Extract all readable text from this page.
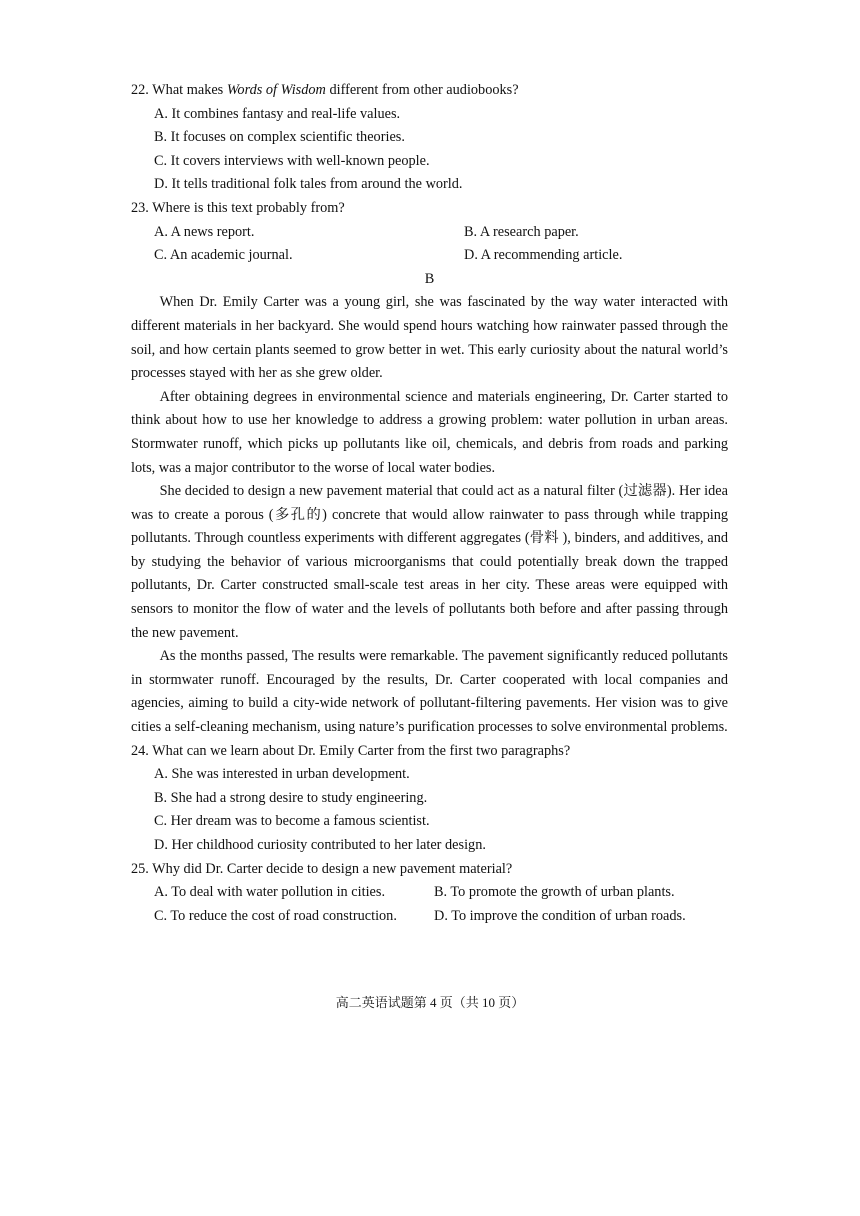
22. What makes Words of Wisdom different from other audiobooks?
A. It combines fantasy and real-life values.
B. It focuses on complex scientific theories.
C. It covers interviews with well-known people.
D. It tells traditional folk tales from around the world.
23. Where is this text probably from?
A. A news report.	B. A research paper.
C. An academic journal.	D. A recommending article.
B
When Dr. Emily Carter was a young girl, she was fascinated by the way water interacted with different materials in her backyard. She would spend hours watching how rainwater passed through the soil, and how certain plants seemed to grow better in wet. This early curiosity about the natural world’s processes stayed with her as she grew older.
After obtaining degrees in environmental science and materials engineering, Dr. Carter started to think about how to use her knowledge to address a growing problem: water pollution in urban areas. Stormwater runoff, which picks up pollutants like oil, chemicals, and debris from roads and parking lots, was a major contributor to the worse of local water bodies.
She decided to design a new pavement material that could act as a natural filter (过滤器). Her idea was to create a porous (多孔的) concrete that would allow rainwater to pass through while trapping pollutants. Through countless experiments with different aggregates (骨料 ), binders, and additives, and by studying the behavior of various microorganisms that could potentially break down the trapped pollutants, Dr. Carter constructed small-scale test areas in her city. These areas were equipped with sensors to monitor the flow of water and the levels of pollutants both before and after passing through the new pavement.
As the months passed, The results were remarkable. The pavement significantly reduced pollutants in stormwater runoff. Encouraged by the results, Dr. Carter cooperated with local companies and agencies, aiming to build a city-wide network of pollutant-filtering pavements. Her vision was to give cities a self-cleaning mechanism, using nature’s purification processes to solve environmental problems.
24. What can we learn about Dr. Emily Carter from the first two paragraphs?
A. She was interested in urban development.
B. She had a strong desire to study engineering.
C. Her dream was to become a famous scientist.
D. Her childhood curiosity contributed to her later design.
25. Why did Dr. Carter decide to design a new pavement material?
A. To deal with water pollution in cities.	B. To promote the growth of urban plants.
C. To reduce the cost of road construction.	D. To improve the condition of urban roads.
高二英语试题第 4 页（共 10 页）
